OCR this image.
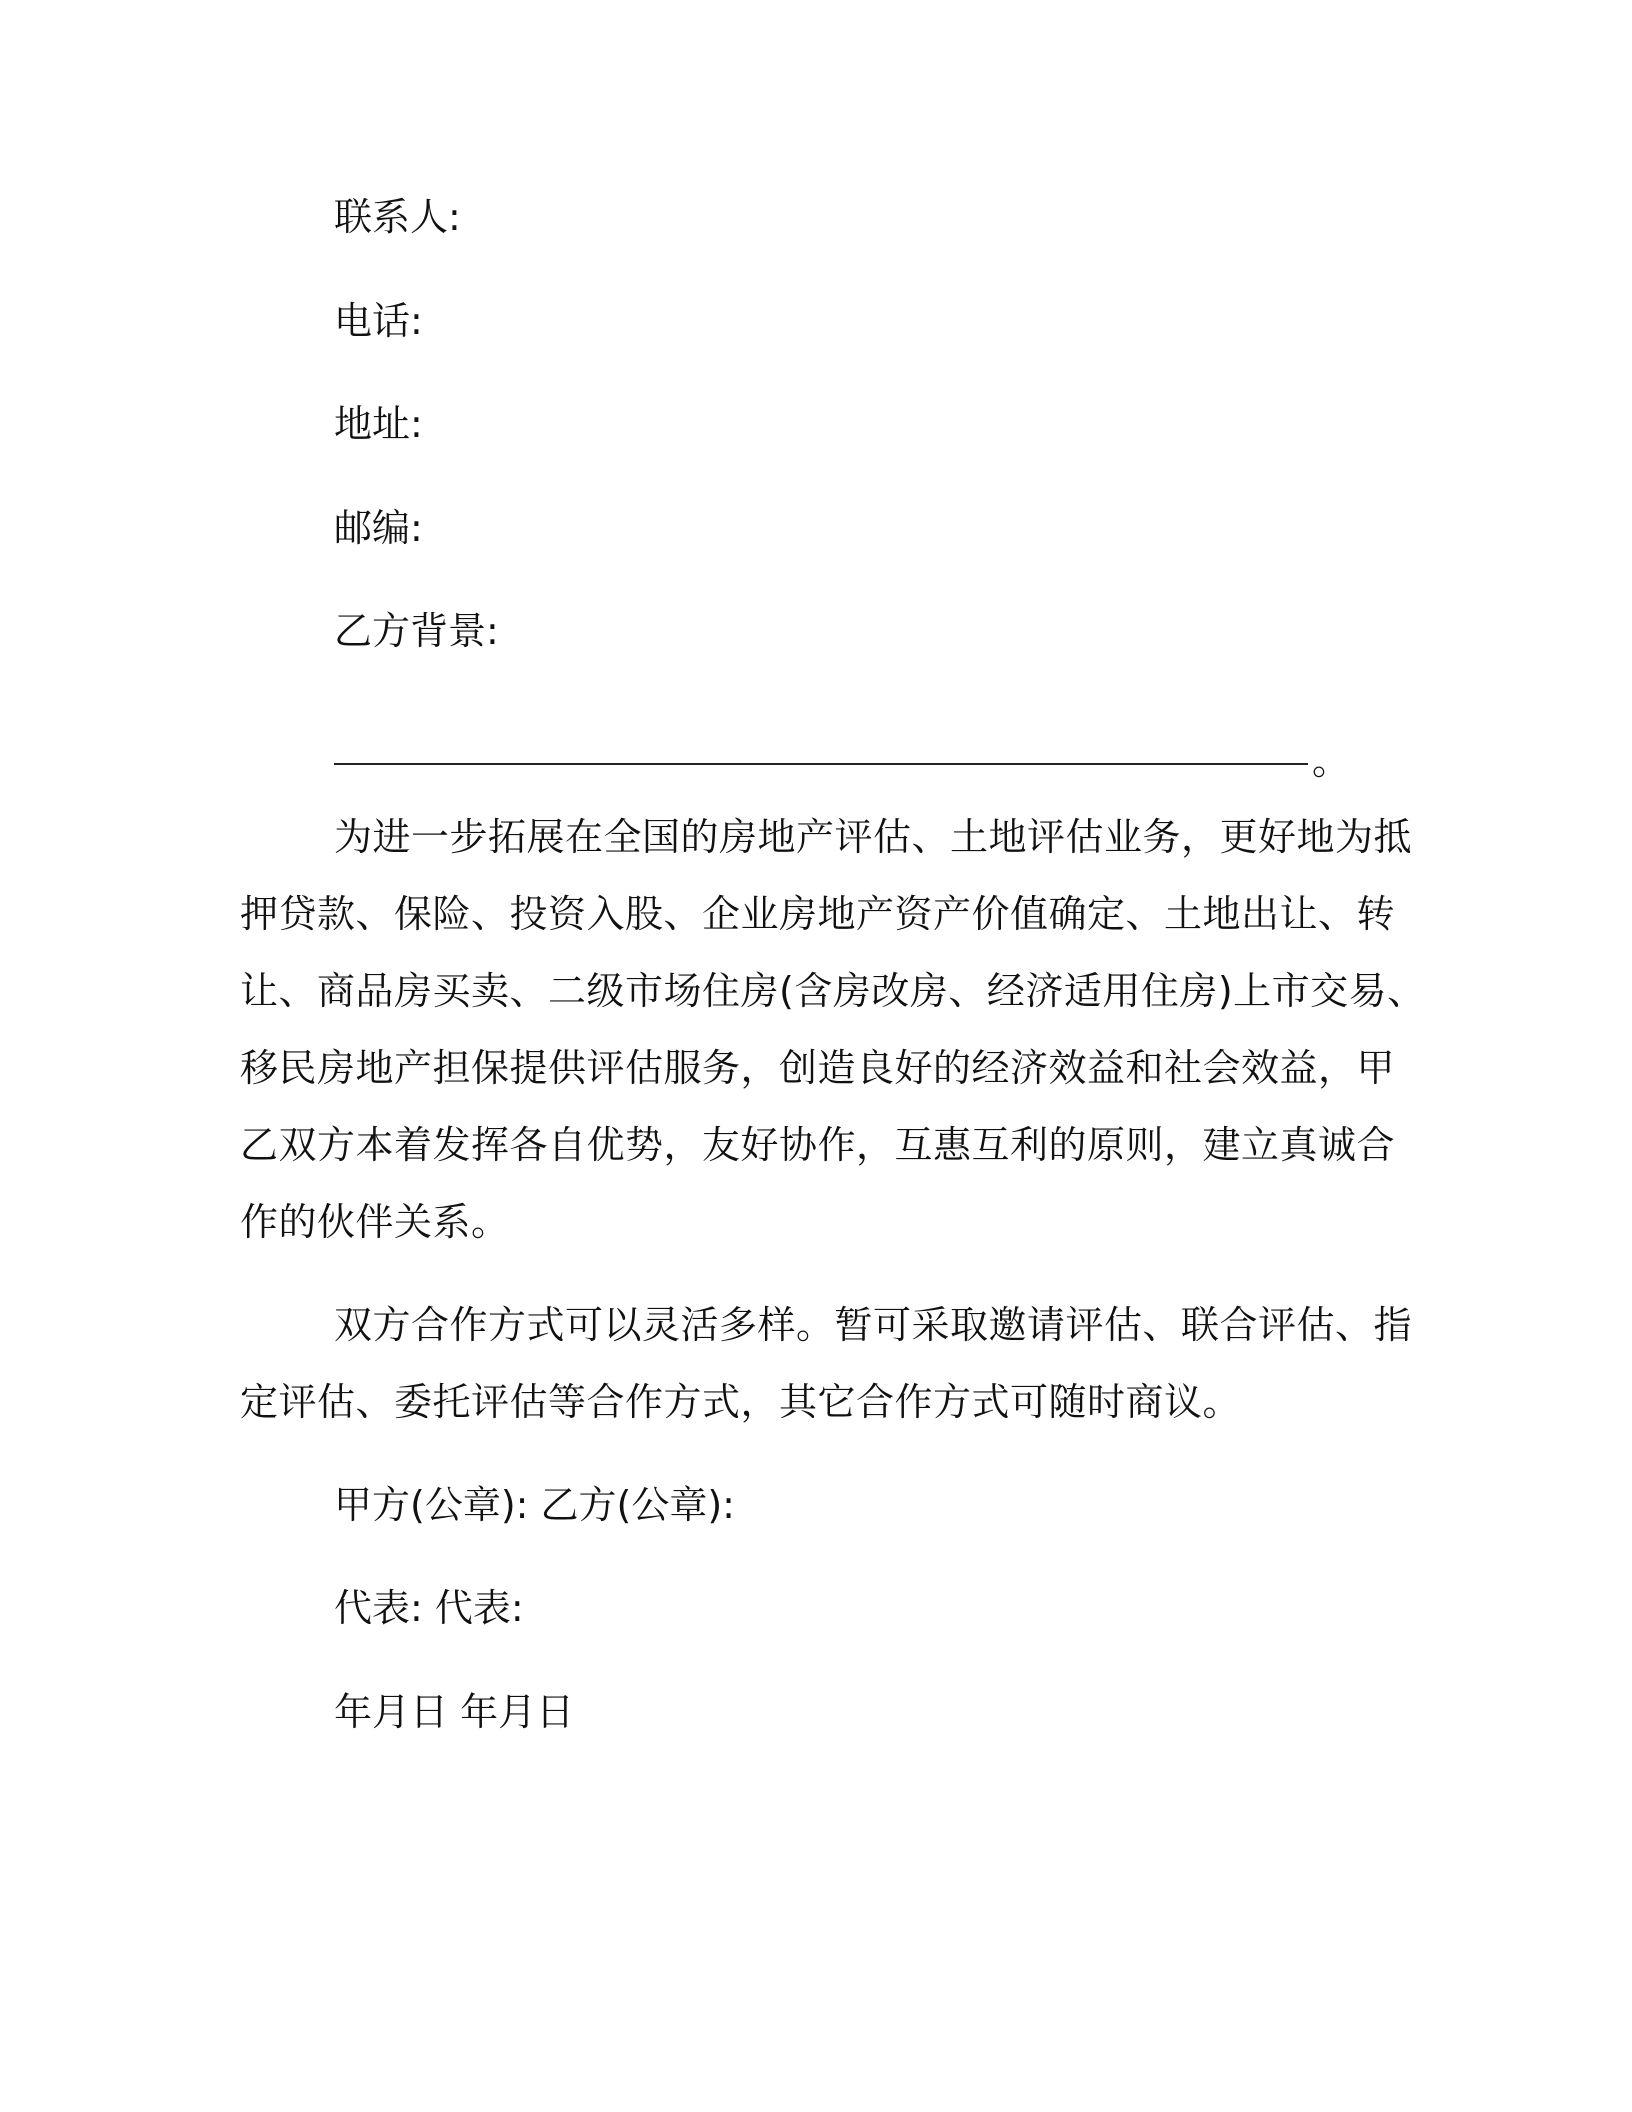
联系人:

电话:

地址:

邮编:

乙方背景:

。

为进一步拓展在全国的房地产评估、土地评估业务，更好地为抵

押贷款、保险、投资入股、企业房地产资产价值确定、土地出让、转

让、商品房买卖、二级市场住房(含房改房、经济适用住房)上市交易、

移民房地产担保提供评估服务，创造良好的经济效益和社会效益，甲

乙双方本着发挥各自优势，友好协作，互惠互利的原则，建立真诚合

作的伙伴关系。

双方合作方式可以灵活多样。暂可采取邀请评估、联合评估、指

定评估、委托评估等合作方式，其它合作方式可随时商议。

甲方(公章): 乙方(公章):

代表: 代表:

年月日 年月日
